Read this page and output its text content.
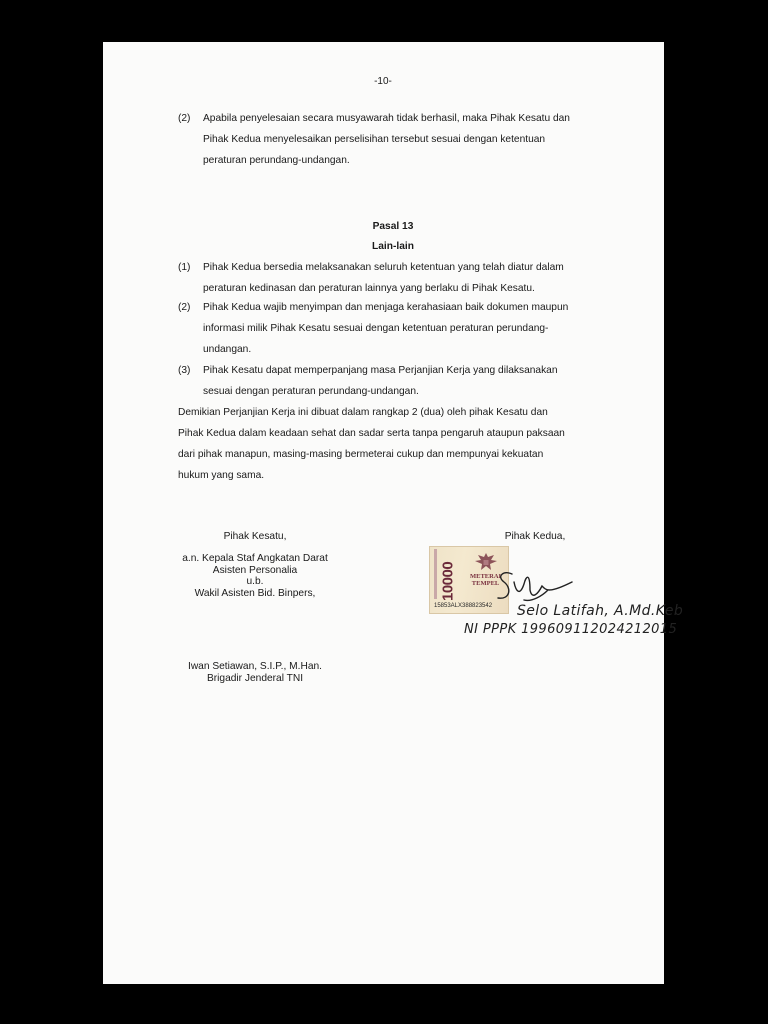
-10-
(2) Apabila penyelesaian secara musyawarah tidak berhasil, maka Pihak Kesatu dan
Pihak Kedua menyelesaikan perselisihan tersebut sesuai dengan ketentuan
peraturan perundang-undangan.
Pasal 13
Lain-lain
(1) Pihak Kedua bersedia melaksanakan seluruh ketentuan yang telah diatur dalam
peraturan kedinasan dan peraturan lainnya yang berlaku di Pihak Kesatu.
(2) Pihak Kedua wajib menyimpan dan menjaga kerahasiaan baik dokumen maupun
informasi milik Pihak Kesatu sesuai dengan ketentuan peraturan perundang-
undangan.
(3) Pihak Kesatu dapat memperpanjang masa Perjanjian Kerja yang dilaksanakan
sesuai dengan peraturan perundang-undangan.
Demikian Perjanjian Kerja ini dibuat dalam rangkap 2 (dua) oleh pihak Kesatu dan
Pihak Kedua dalam keadaan sehat dan sadar serta tanpa pengaruh ataupun paksaan
dari pihak manapun, masing-masing bermeterai cukup dan mempunyai kekuatan
hukum yang sama.
Pihak Kesatu,
a.n. Kepala Staf Angkatan Darat
Asisten Personalia
u.b.
Wakil Asisten Bid. Binpers,
Iwan Setiawan, S.I.P., M.Han.
Brigadir Jenderal TNI
Pihak Kedua,
10000	METERAI
TEMPEL
15853ALX388823542 Selo Latifah, A.Md.Keb
NI PPPK 199609112024212015
